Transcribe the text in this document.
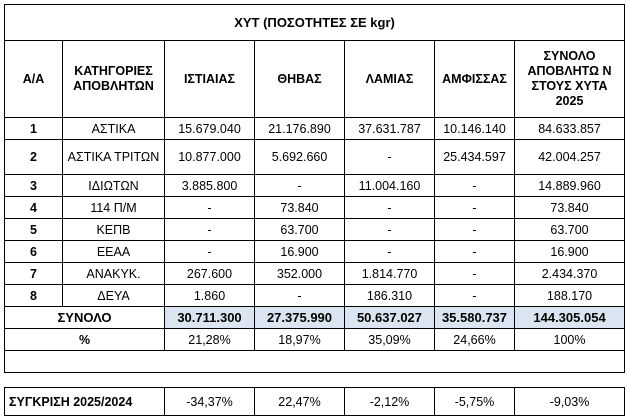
ΧΥΤ (ΠΟΣΟΤΗΤΕΣ ΣΕ kgr)						
Α/Α	ΚΑΤΗΓΟΡΙΕΣ ΑΠΟΒΛΗΤΩΝ	ΙΣΤΙΑΙΑΣ	ΘΗΒΑΣ	ΛΑΜΙΑΣ	ΑΜΦΙΣΣΑΣ	ΣΥΝΟΛΟ ΑΠΟΒΛΗΤΩ Ν ΣΤΟΥΣ ΧΥΤΑ 2025
1	ΑΣΤΙΚΑ	15.679.040	21.176.890	37.631.787	10.146.140	84.633.857
2	ΑΣΤΙΚΑ ΤΡΙΤΩΝ	10.877.000	5.692.660	-	25.434.597	42.004.257
3	ΙΔΙΩΤΩΝ	3.885.800	-	11.004.160	-	14.889.960
4	114 Π/Μ	-	73.840	-	-	73.840
5	ΚΕΠΒ	-	63.700	-	-	63.700
6	ΕΕΑΑ	-	16.900	-	-	16.900
7	ΑΝΑΚΥΚ.	267.600	352.000	1.814.770	-	2.434.370
8	ΔΕΥΑ	1.860	-	186.310	-	188.170
ΣΥΝΟΛΟ		30.711.300	27.375.990	50.637.027	35.580.737	144.305.054
%		21,28%	18,97%	35,09%	24,66%	100%

ΣΥΓΚΡΙΣΗ 2025/2024		-34,37%	22,47%	-2,12%	-5,75%	-9,03%
